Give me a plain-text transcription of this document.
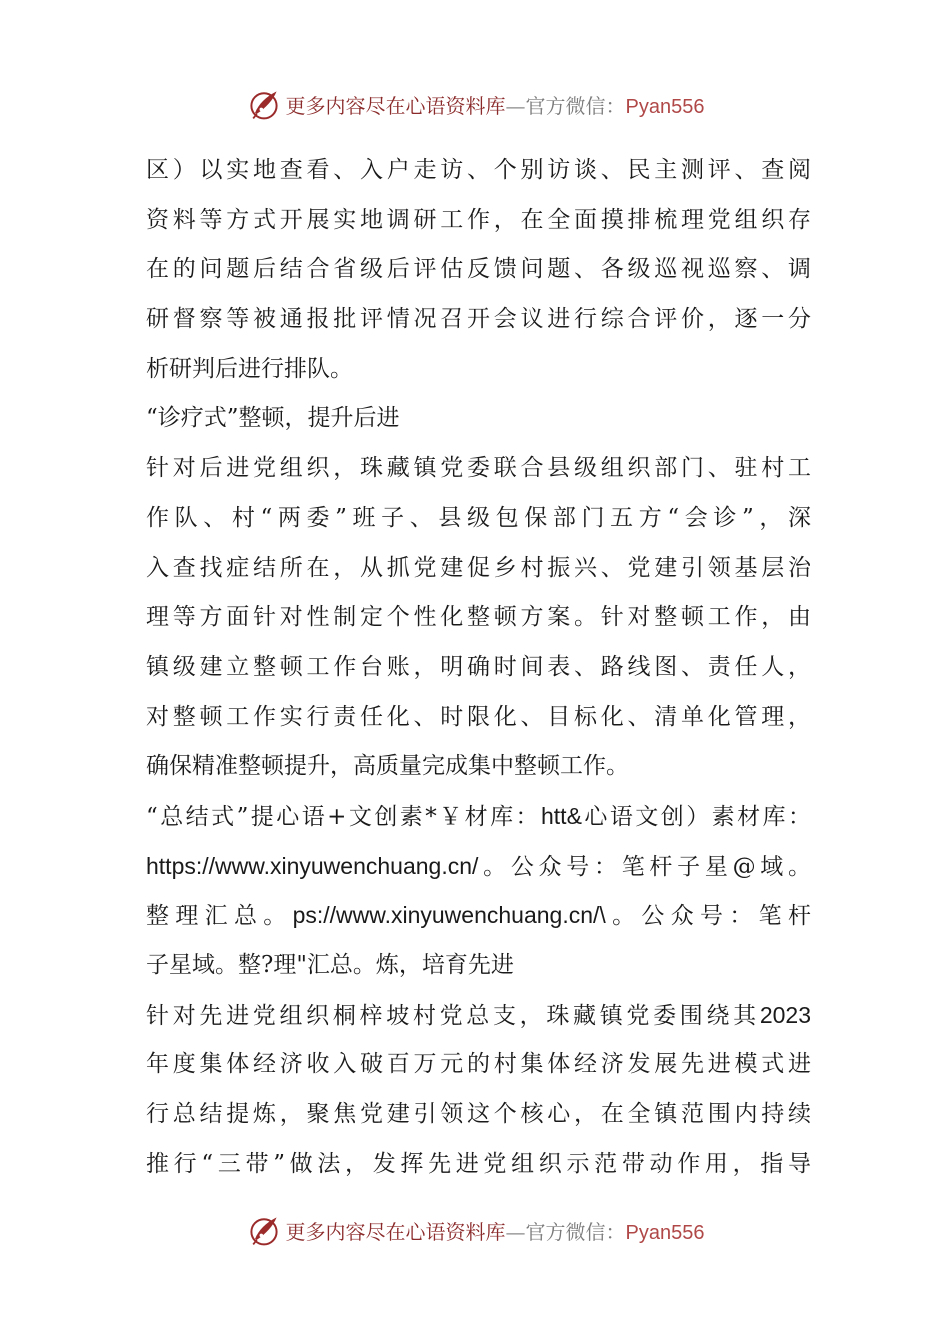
更多内容尽在心语资料库—官方微信：Pyan556
区）以实地查看、入户走访、个别访谈、民主测评、查阅
资料等方式开展实地调研工作，在全面摸排梳理党组织存
在的问题后结合省级后评估反馈问题、各级巡视巡察、调
研督察等被通报批评情况召开会议进行综合评价，逐一分
析研判后进行排队。
“诊疗式”整顿，提升后进
针对后进党组织，珠藏镇党委联合县级组织部门、驻村工
作队、村“两委”班子、县级包保部门五方“会诊”，深
入查找症结所在，从抓党建促乡村振兴、党建引领基层治
理等方面针对性制定个性化整顿方案。针对整顿工作，由
镇级建立整顿工作台账，明确时间表、路线图、责任人，
对整顿工作实行责任化、时限化、目标化、清单化管理，
确保精准整顿提升，高质量完成集中整顿工作。
“总结式”提心语+文创素*￥材库：htt&心语文创）素材库：
https://www.xinyuwenchuang.cn/。公众号：笔杆子星@域。
整理汇总。ps://www.xinyuwenchuang.cn/\。公众号：笔杆
子星域。整?理"汇总。炼，培育先进
针对先进党组织桐梓坡村党总支，珠藏镇党委围绕其2023
年度集体经济收入破百万元的村集体经济发展先进模式进
行总结提炼，聚焦党建引领这个核心，在全镇范围内持续
推行“三带”做法，发挥先进党组织示范带动作用，指导
更多内容尽在心语资料库—官方微信：Pyan556
